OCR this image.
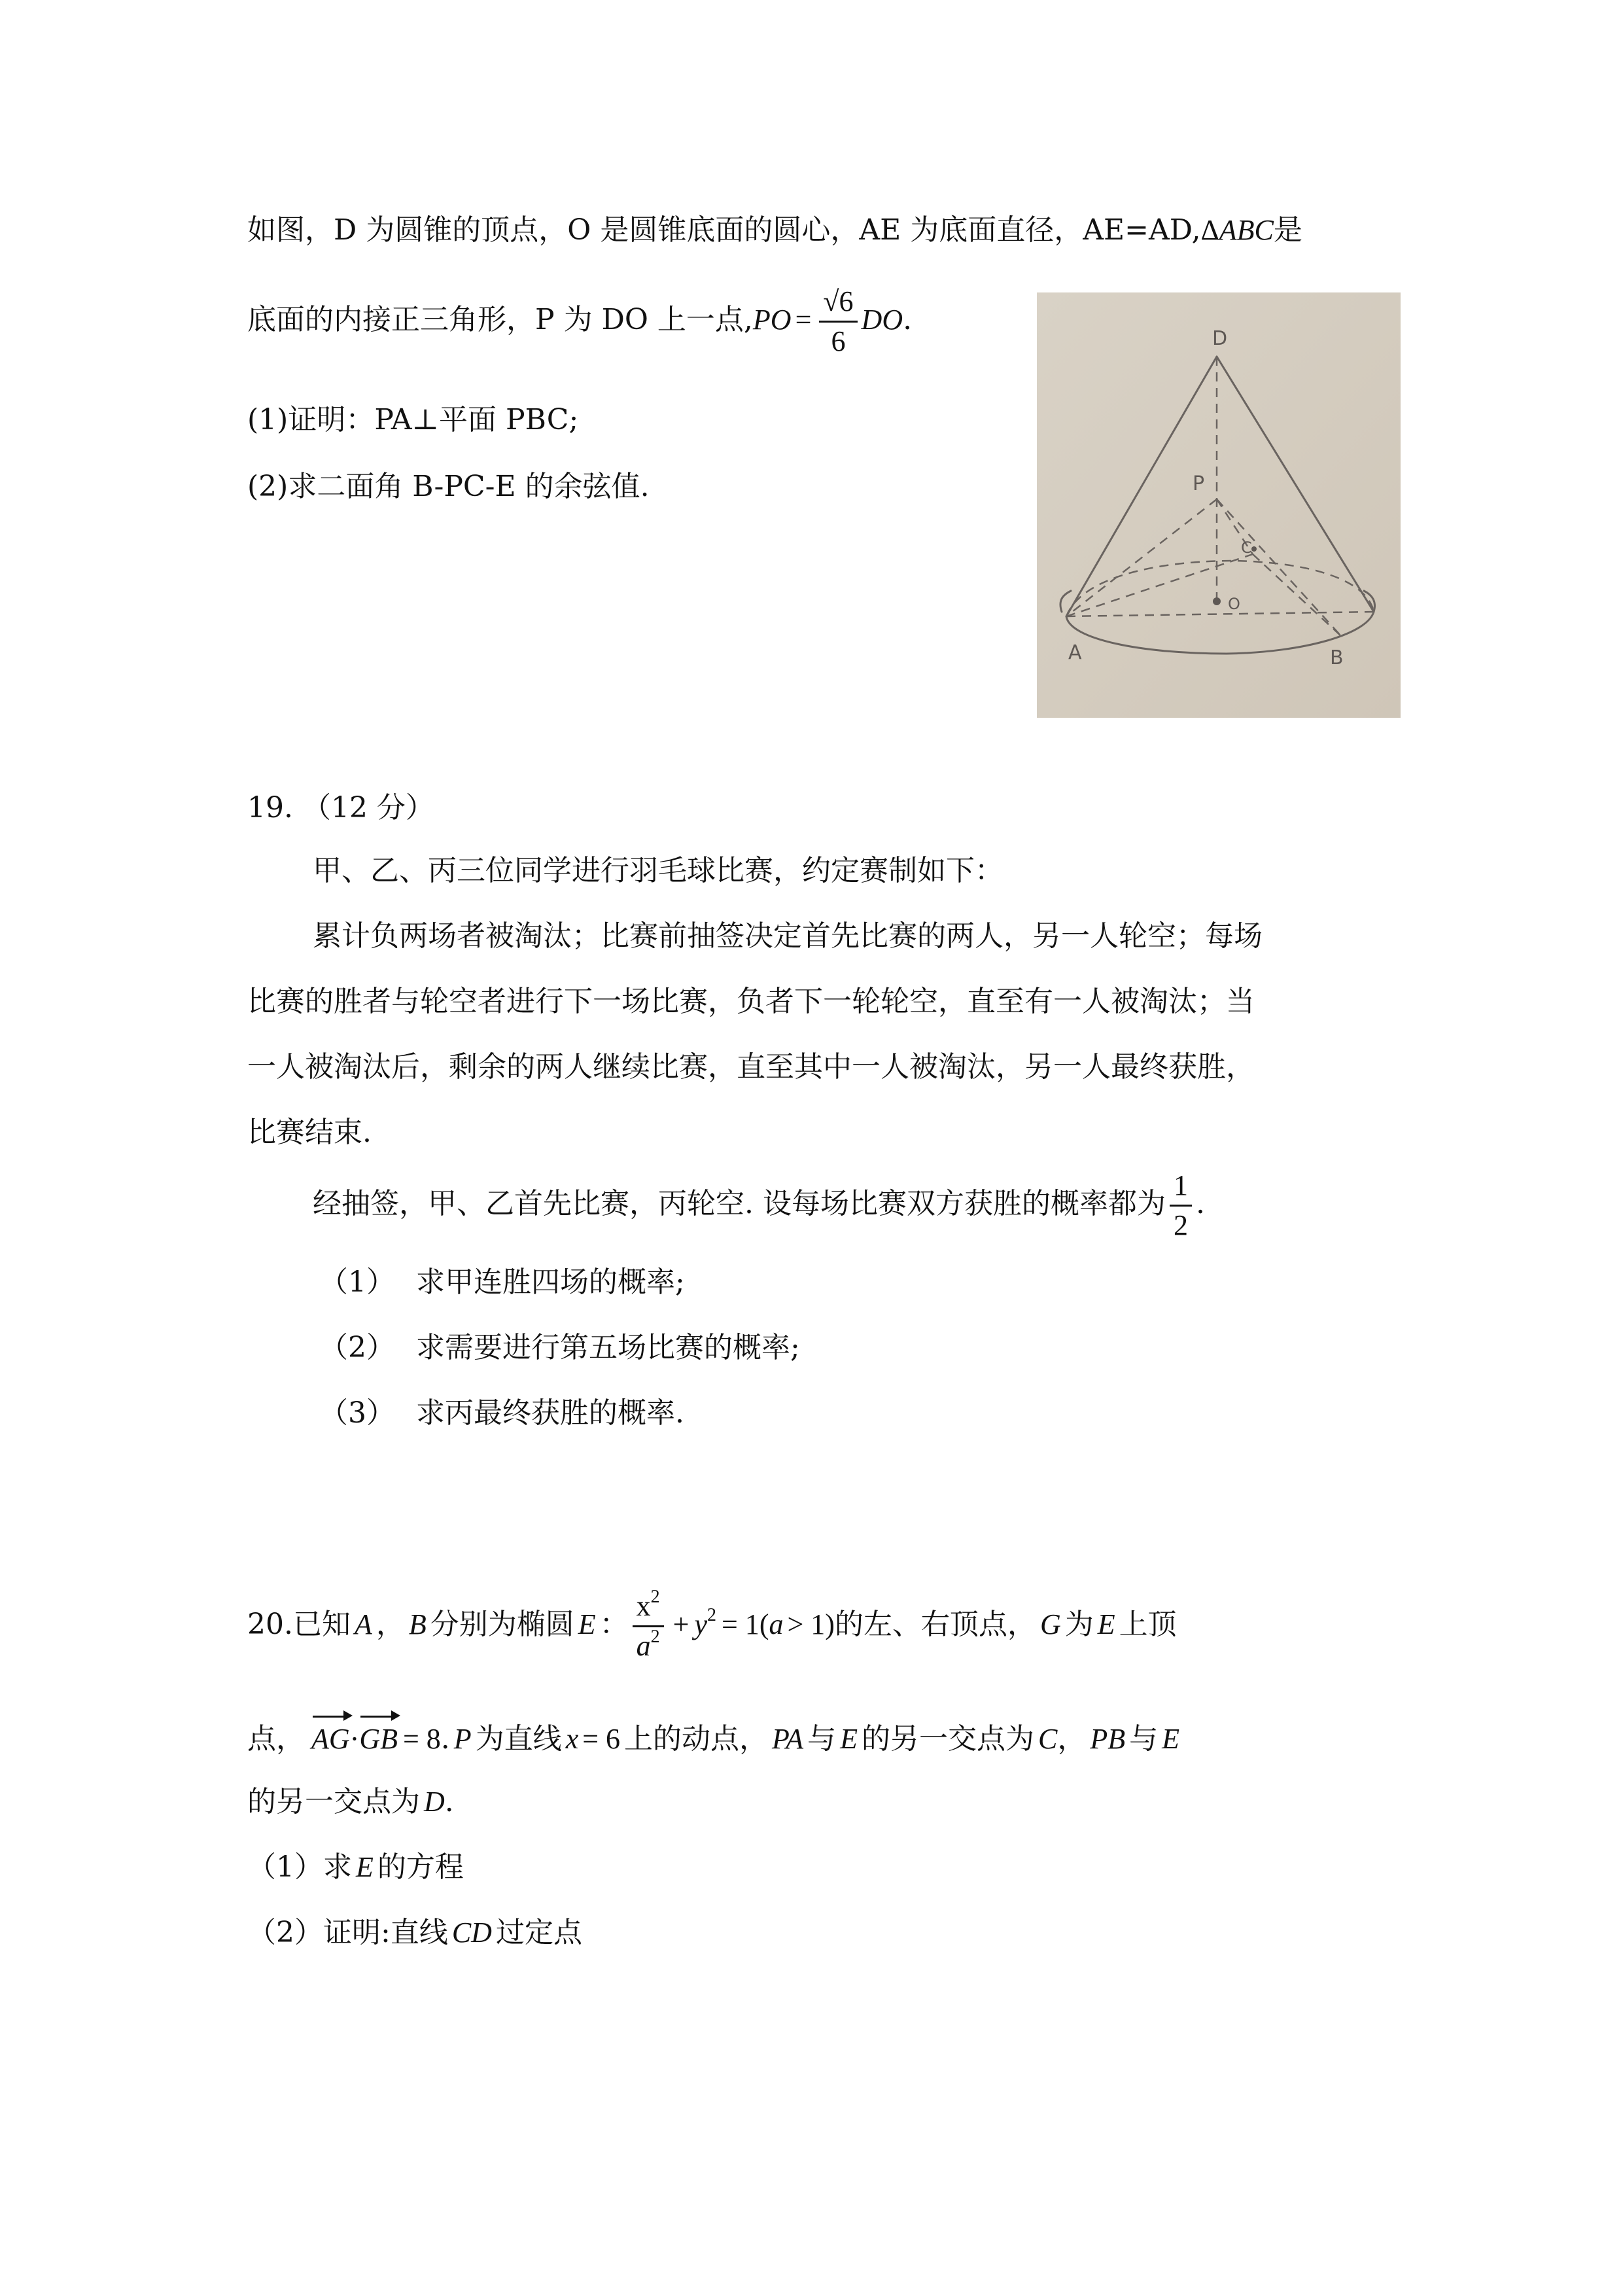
如图，D 为圆锥的顶点，O 是圆锥底面的圆心，AE 为底面直径，AE=AD,ΔABC是
底面的内接正三角形，P 为 DO 上一点$,PO = \frac{√6}{6}$ DO.
(1)证明：PA⊥平面 PBC;
(2)求二面角 B-PC-E 的余弦值.
D
P
C
O
A	B
19. （12 分）
甲、乙、丙三位同学进行羽毛球比赛，约定赛制如下：
累计负两场者被淘汰；比赛前抽签决定首先比赛的两人，另一人轮空；每场
比赛的胜者与轮空者进行下一场比赛，负者下一轮轮空，直至有一人被淘汰；当
一人被淘汰后，剩余的两人继续比赛，直至其中一人被淘汰，另一人最终获胜，
比赛结束.
经抽签，甲、乙首先比赛，丙轮空. 设每场比赛双方获胜的概率都为 $\frac{1}{2}$ .
（1） 求甲连胜四场的概率;
（2） 求需要进行第五场比赛的概率;
（3） 求丙最终获胜的概率.
20.已知 A ， B 分别为椭圆 E ： $\frac{x^2}{a^2} + y^2 = 1(a > 1)$的左、右顶点， G 为 E 上顶
点， AG·GB = 8. P 为直线 x = 6 上的动点， PA 与 E 的另一交点为 C， PB 与 E
的另一交点为 D.
（1）求 E 的方程
（2）证明:直线 CD 过定点
